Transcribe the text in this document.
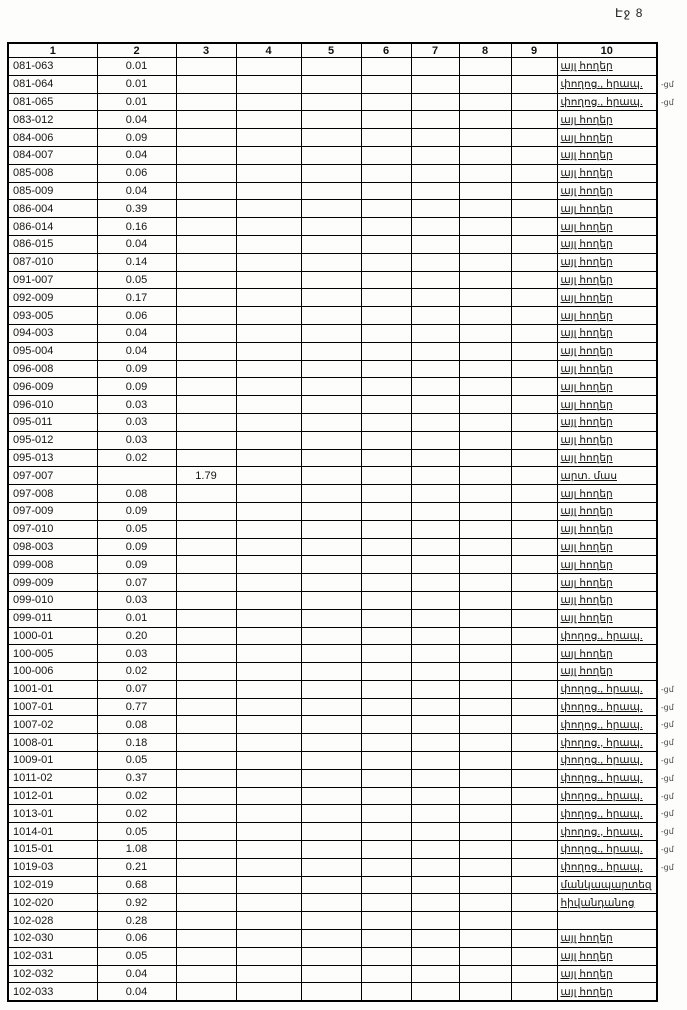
Էջ 8
1	2	3	4	5	6	7	8	9	10
081-063	0.01								այլ հողեր
081-064	0.01								փողոց., հրապ. -ցմ

081-065	0.01								փողոց., հրապ. -ցմ

083-012	0.04								այլ հողեր
084-006	0.09								այլ հողեր
084-007	0.04								այլ հողեր
085-008	0.06								այլ հողեր
085-009	0.04								այլ հողեր
086-004	0.39								այլ հողեր
086-014	0.16								այլ հողեր
086-015	0.04								այլ հողեր
087-010	0.14								այլ հողեր
091-007	0.05								այլ հողեր
092-009	0.17								այլ հողեր
093-005	0.06								այլ հողեր
094-003	0.04								այլ հողեր
095-004	0.04								այլ հողեր
096-008	0.09								այլ հողեր
096-009	0.09								այլ հողեր
096-010	0.03								այլ հողեր
095-011	0.03								այլ հողեր
095-012	0.03								այլ հողեր
095-013	0.02								այլ հողեր
097-007		1.79							արտ. մաս
097-008	0.08								այլ հողեր
097-009	0.09								այլ հողեր
097-010	0.05								այլ հողեր
098-003	0.09								այլ հողեր
099-008	0.09								այլ հողեր
099-009	0.07								այլ հողեր
099-010	0.03								այլ հողեր
099-011	0.01								այլ հողեր
1000-01	0.20								փողոց., հրապ.
100-005	0.03								այլ հողեր
100-006	0.02								այլ հողեր
1001-01	0.07								փողոց., հրապ. -ցմ

1007-01	0.77								փողոց., հրապ. -ցմ

1007-02	0.08								փողոց., հրապ. -ցմ

1008-01	0.18								փողոց., հրապ. -ցմ

1009-01	0.05								փողոց., հրապ. -ցմ

1011-02	0.37								փողոց., հրապ. -ցմ

1012-01	0.02								փողոց., հրապ. -ցմ

1013-01	0.02								փողոց., հրապ. -ցմ

1014-01	0.05								փողոց., հրապ. -ցմ

1015-01	1.08								փողոց., հրապ. -ցմ

1019-03	0.21								փողոց., հրապ. -ցմ

102-019	0.68								մանկապարտեզ
102-020	0.92								հիվանդանոց
102-028	0.28								
102-030	0.06								այլ հողեր
102-031	0.05								այլ հողեր
102-032	0.04								այլ հողեր
102-033	0.04								այլ հողեր
